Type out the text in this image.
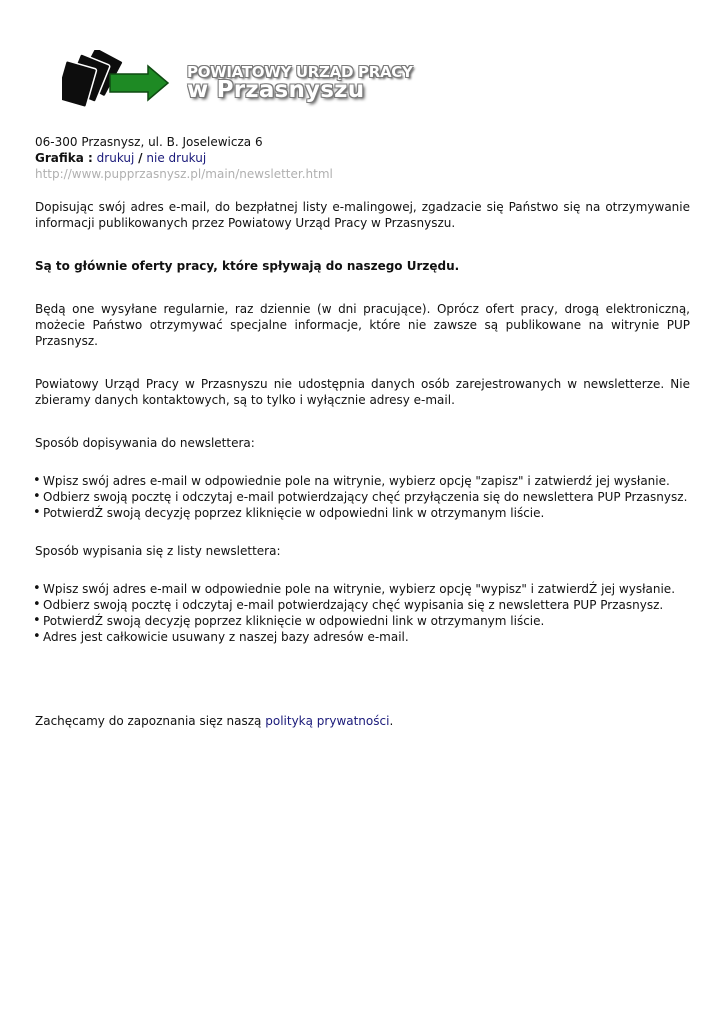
POWIATOWY URZĄD PRACY
w Przasnyszu

06-300 Przasnysz, ul. B. Joselewicza 6

Grafika : drukuj / nie drukuj

http://www.pupprzasnysz.pl/main/newsletter.html

Dopisując swój adres e-mail, do bezpłatnej listy e-malingowej, zgadzacie się Państwo się na otrzymywanie informacji publikowanych przez Powiatowy Urząd Pracy w Przasnyszu.

Są to głównie oferty pracy, które spływają do naszego Urzędu.

Będą one wysyłane regularnie, raz dziennie (w dni pracujące). Oprócz ofert pracy, drogą elektroniczną, możecie Państwo otrzymywać specjalne informacje, które nie zawsze są publikowane na witrynie PUP Przasnysz.

Powiatowy Urząd Pracy w Przasnyszu nie udostępnia danych osób zarejestrowanych w newsletterze. Nie zbieramy danych kontaktowych, są to tylko i wyłącznie adresy e-mail.

Sposób dopisywania do newslettera:

• Wpisz swój adres e-mail w odpowiednie pole na witrynie, wybierz opcję "zapisz" i zatwierdź jej wysłanie.
• Odbierz swoją pocztę i odczytaj e-mail potwierdzający chęć przyłączenia się do newslettera PUP Przasnysz.
• PotwierdŹ swoją decyzję poprzez kliknięcie w odpowiedni link w otrzymanym liście.

Sposób wypisania się z listy newslettera:

• Wpisz swój adres e-mail w odpowiednie pole na witrynie, wybierz opcję "wypisz" i zatwierdŹ jej wysłanie.
• Odbierz swoją pocztę i odczytaj e-mail potwierdzający chęć wypisania się z newslettera PUP Przasnysz.
• PotwierdŹ swoją decyzję poprzez kliknięcie w odpowiedni link w otrzymanym liście.
• Adres jest całkowicie usuwany z naszej bazy adresów e-mail.

Zachęcamy do zapoznania sięz naszą polityką prywatności.
